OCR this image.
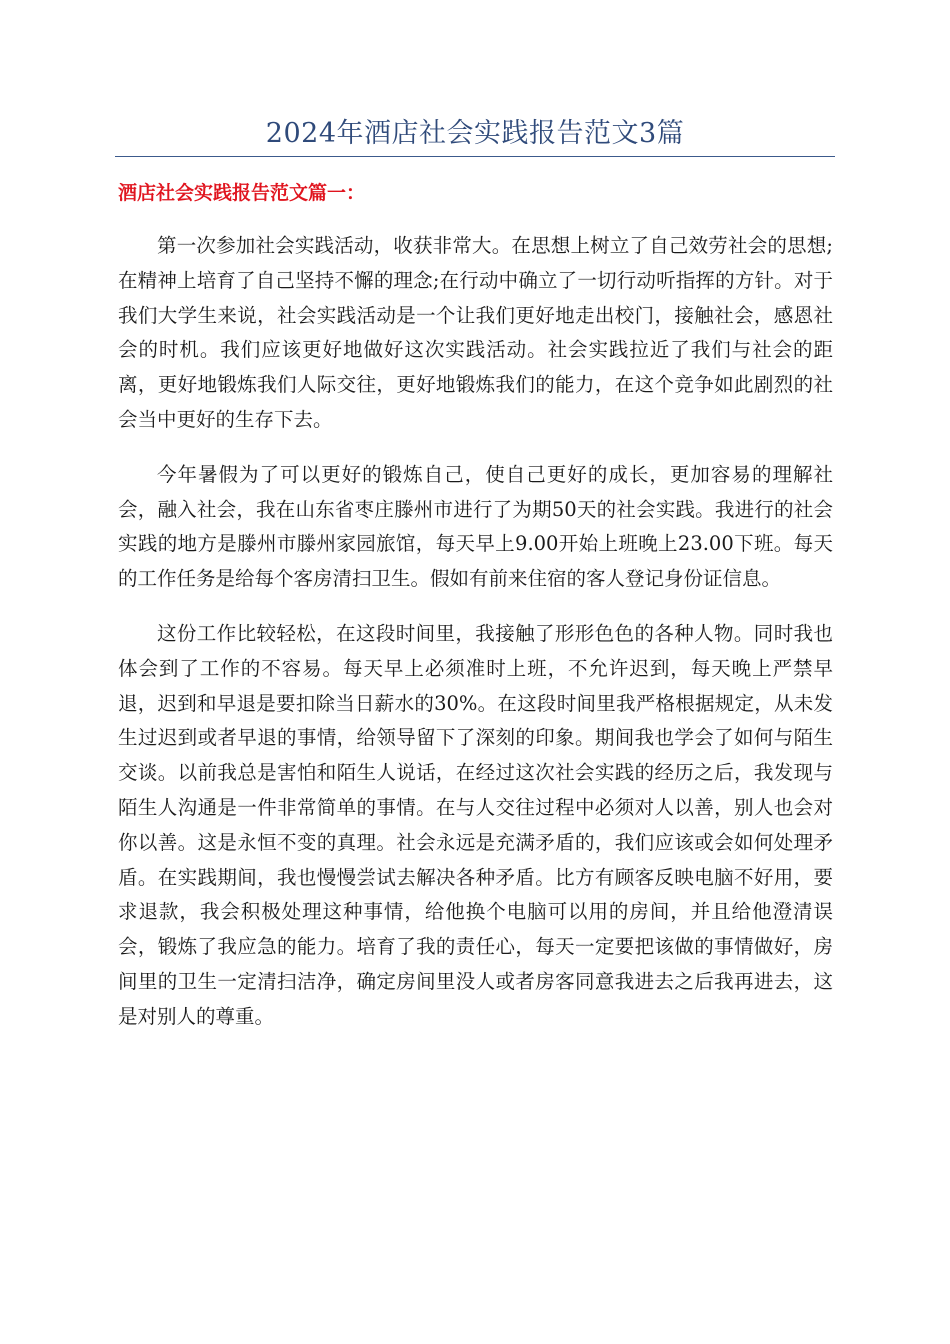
2024年酒店社会实践报告范文3篇
酒店社会实践报告范文篇一：

第一次参加社会实践活动，收获非常大。在思想上树立了自己效劳社会的思想;在精神上培育了自己坚持不懈的理念;在行动中确立了一切行动听指挥的方针。对于我们大学生来说，社会实践活动是一个让我们更好地走出校门，接触社会，感恩社会的时机。我们应该更好地做好这次实践活动。社会实践拉近了我们与社会的距离，更好地锻炼我们人际交往，更好地锻炼我们的能力，在这个竞争如此剧烈的社会当中更好的生存下去。

今年暑假为了可以更好的锻炼自己，使自己更好的成长，更加容易的理解社会，融入社会，我在山东省枣庄滕州市进行了为期50天的社会实践。我进行的社会实践的地方是滕州市滕州家园旅馆，每天早上9.00开始上班晚上23.00下班。每天的工作任务是给每个客房清扫卫生。假如有前来住宿的客人登记身份证信息。

这份工作比较轻松，在这段时间里，我接触了形形色色的各种人物。同时我也体会到了工作的不容易。每天早上必须准时上班，不允许迟到，每天晚上严禁早退，迟到和早退是要扣除当日薪水的30%。在这段时间里我严格根据规定，从未发生过迟到或者早退的事情，给领导留下了深刻的印象。期间我也学会了如何与陌生交谈。以前我总是害怕和陌生人说话，在经过这次社会实践的经历之后，我发现与陌生人沟通是一件非常简单的事情。在与人交往过程中必须对人以善，别人也会对你以善。这是永恒不变的真理。社会永远是充满矛盾的，我们应该或会如何处理矛盾。在实践期间，我也慢慢尝试去解决各种矛盾。比方有顾客反映电脑不好用，要求退款，我会积极处理这种事情，给他换个电脑可以用的房间，并且给他澄清误会，锻炼了我应急的能力。培育了我的责任心，每天一定要把该做的事情做好，房间里的卫生一定清扫洁净，确定房间里没人或者房客同意我进去之后我再进去，这是对别人的尊重。
